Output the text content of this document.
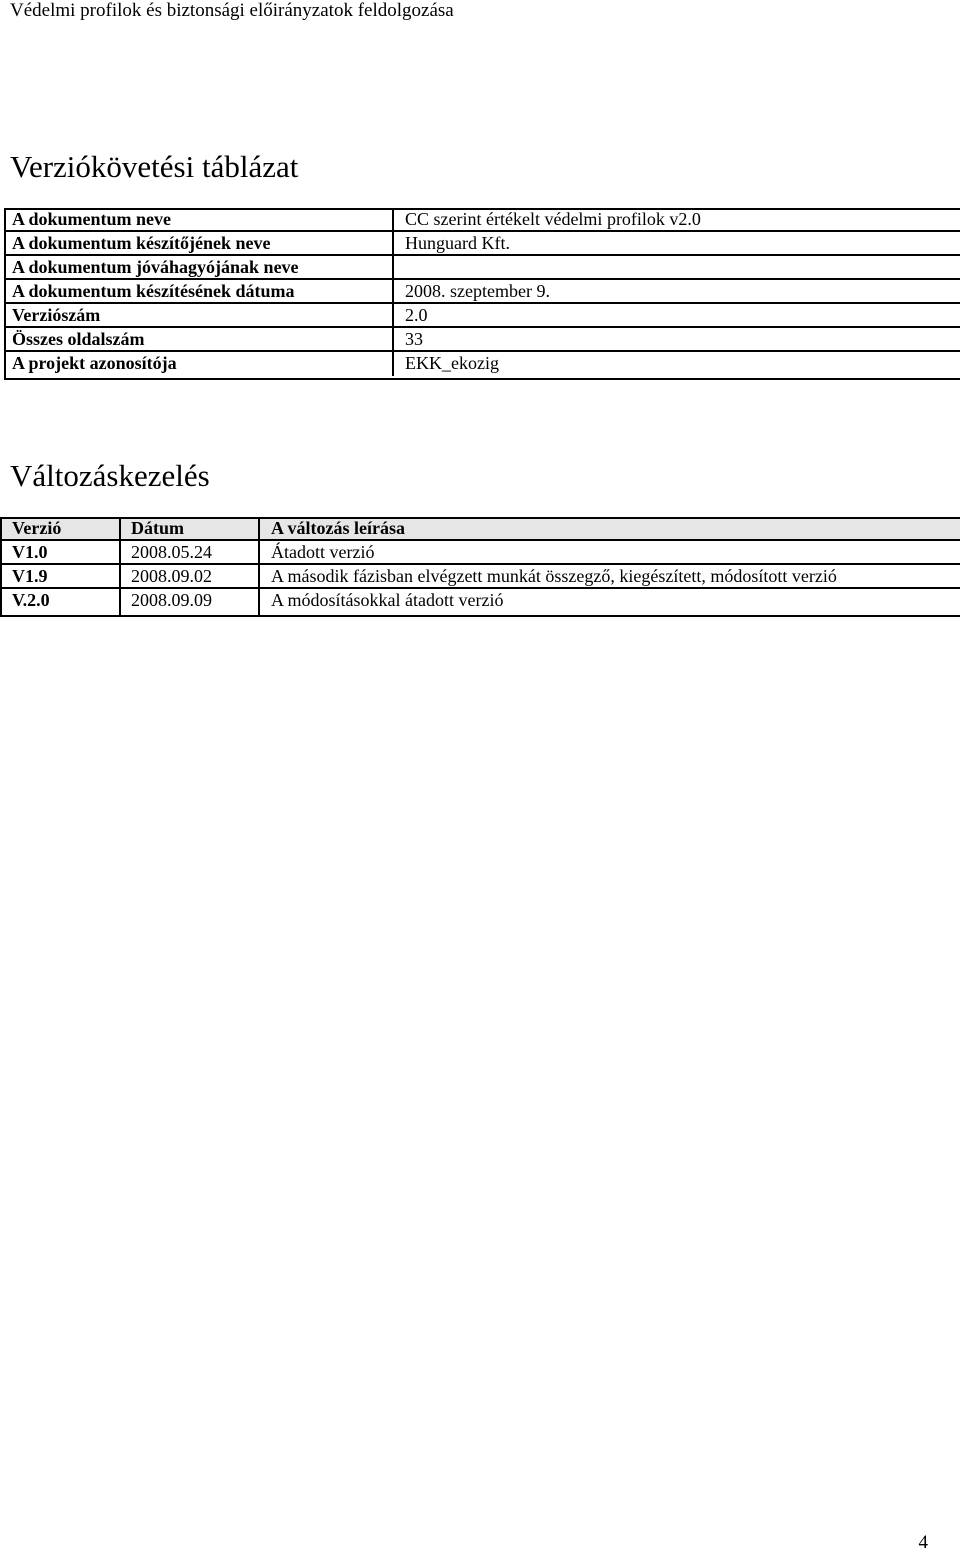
Védelmi profilok és biztonsági előirányzatok feldolgozása
Verziókövetési táblázat
A dokumentum neve	CC szerint értékelt védelmi profilok v2.0
A dokumentum készítőjének neve	Hunguard Kft.
A dokumentum jóváhagyójának neve
A dokumentum készítésének dátuma	2008. szeptember 9.
Verziószám	2.0
Összes oldalszám	33
A projekt azonosítója	EKK_ekozig
Változáskezelés
Verzió	Dátum	A változás leírása
V1.0	2008.05.24	Átadott verzió
V1.9	2008.09.02	A második fázisban elvégzett munkát összegző, kiegészített, módosított verzió
V.2.0	2008.09.09	A módosításokkal átadott verzió
4
